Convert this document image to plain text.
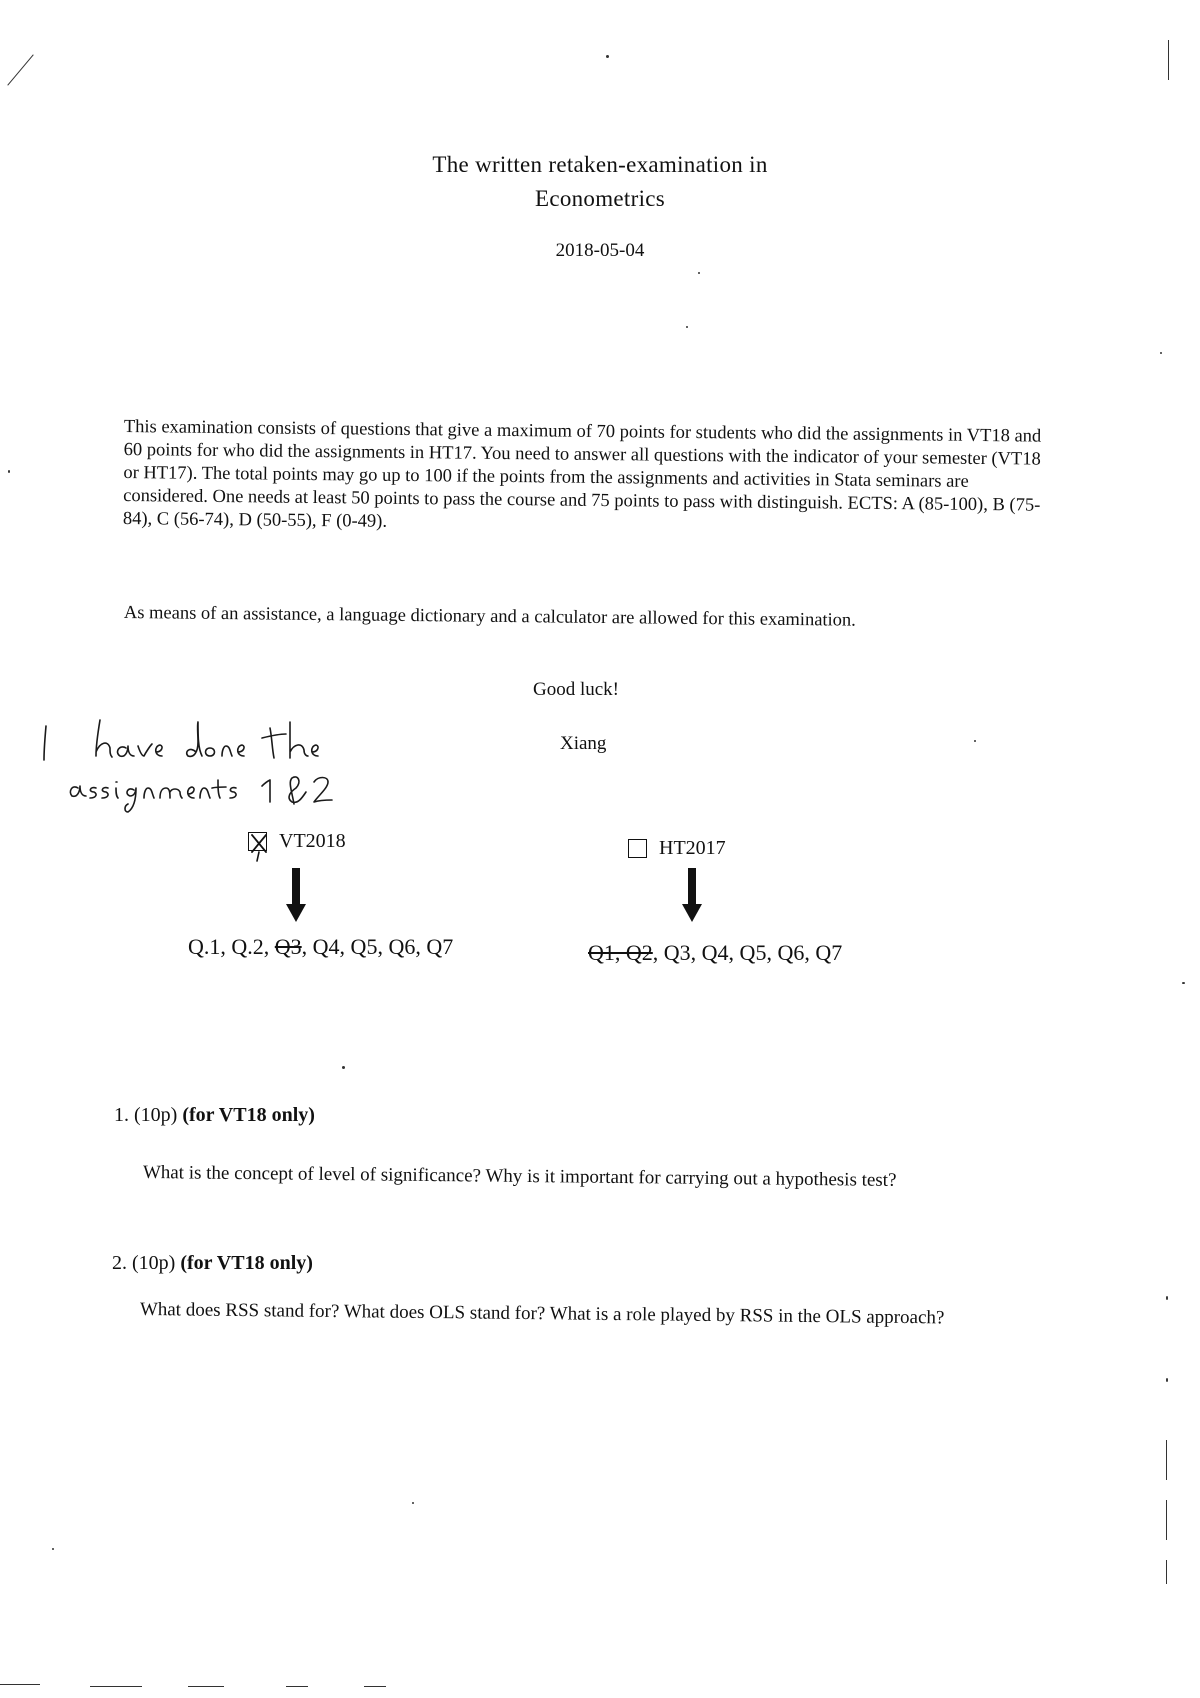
The written retaken-examination in
Econometrics
2018-05-04
This examination consists of questions that give a maximum of 70 points for students who did the assignments in VT18 and 60 points for who did the assignments in HT17. You need to answer all questions with the indicator of your semester (VT18 or HT17). The total points may go up to 100 if the points from the assignments and activities in Stata seminars are considered. One needs at least 50 points to pass the course and 75 points to pass with distinguish. ECTS: A (85-100), B (75-84), C (56-74), D (50-55), F (0-49).
As means of an assistance, a language dictionary and a calculator are allowed for this examination.
Good luck!
Xiang
VT2018	HT2017
Q.1, Q.2, Q3, Q4, Q5, Q6, Q7	Q1, Q2, Q3, Q4, Q5, Q6, Q7
1. (10p) (for VT18 only)
What is the concept of level of significance? Why is it important for carrying out a hypothesis test?
2. (10p) (for VT18 only)
What does RSS stand for? What does OLS stand for? What is a role played by RSS in the OLS approach?
